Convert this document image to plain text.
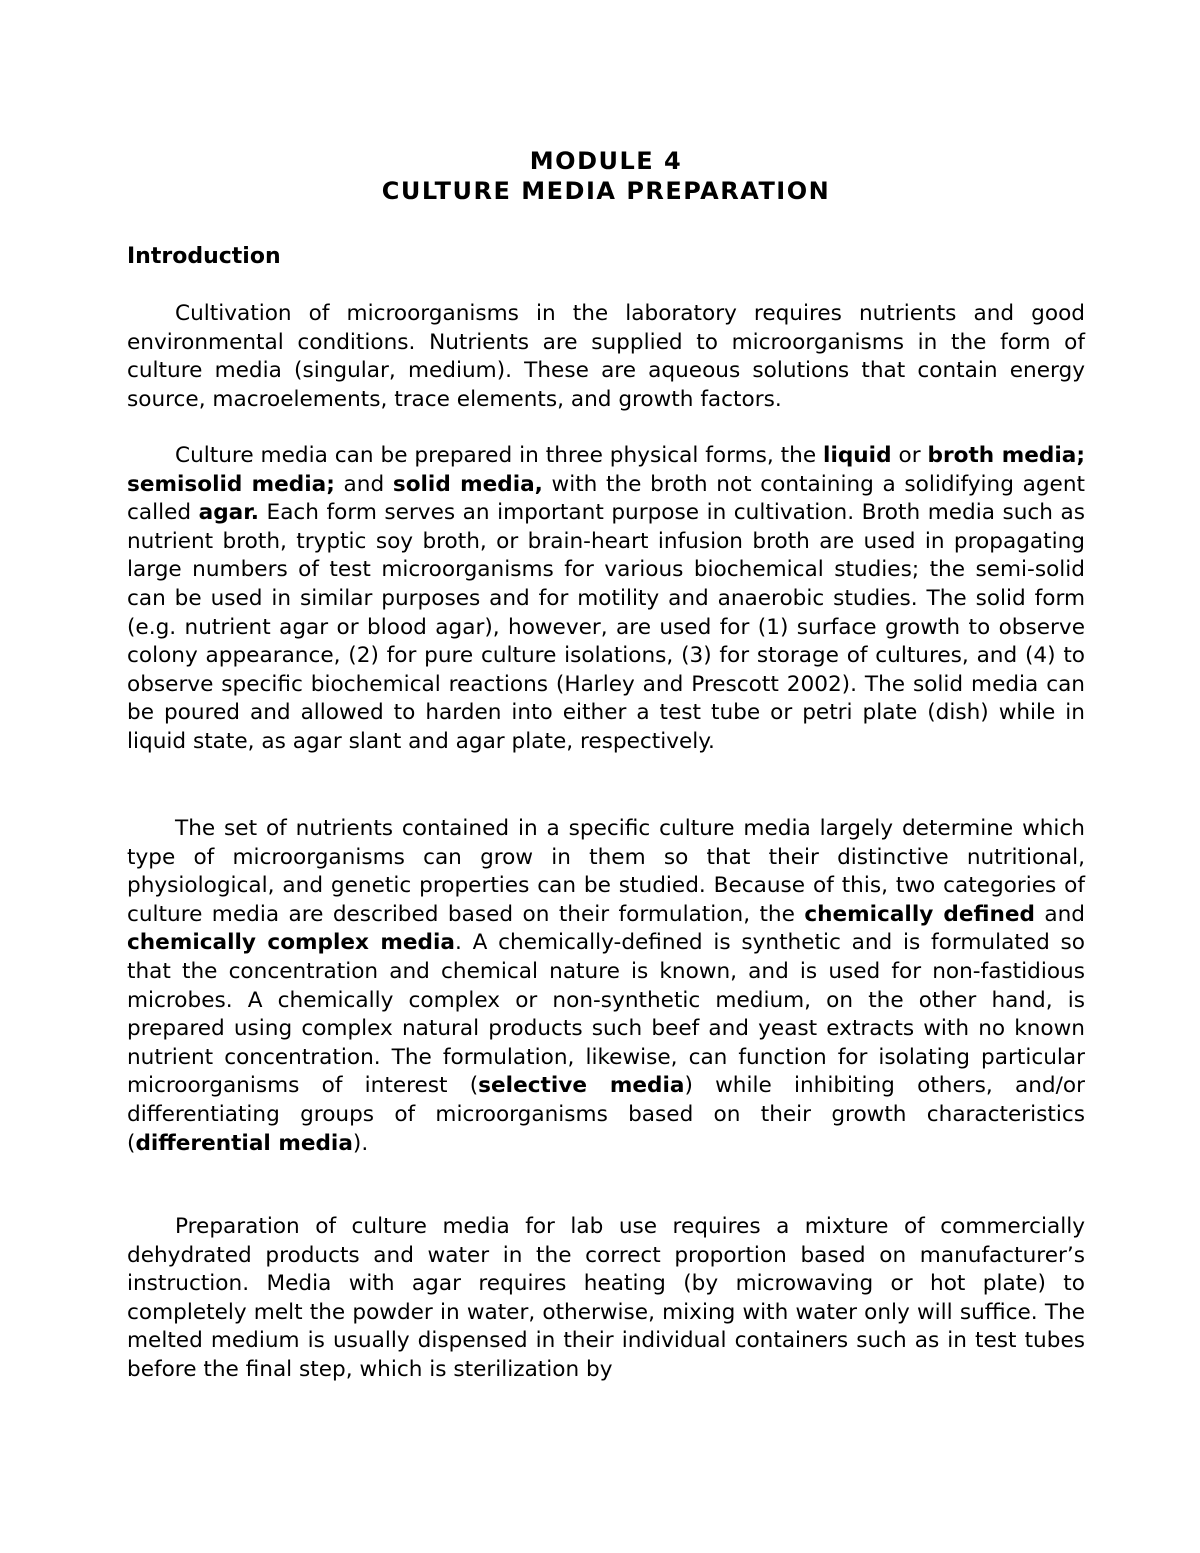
MODULE 4
CULTURE MEDIA PREPARATION
Introduction

Cultivation of microorganisms in the laboratory requires nutrients and good environmental conditions. Nutrients are supplied to microorganisms in the form of culture media (singular, medium). These are aqueous solutions that contain energy source, macroelements, trace elements, and growth factors.

Culture media can be prepared in three physical forms, the liquid or broth media; semisolid media; and solid media, with the broth not containing a solidifying agent called agar. Each form serves an important purpose in cultivation. Broth media such as nutrient broth, tryptic soy broth, or brain-heart infusion broth are used in propagating large numbers of test microorganisms for various biochemical studies; the semi-solid can be used in similar purposes and for motility and anaerobic studies. The solid form (e.g. nutrient agar or blood agar), however, are used for (1) surface growth to observe colony appearance, (2) for pure culture isolations, (3) for storage of cultures, and (4) to observe specific biochemical reactions (Harley and Prescott 2002). The solid media can be poured and allowed to harden into either a test tube or petri plate (dish) while in liquid state, as agar slant and agar plate, respectively.

The set of nutrients contained in a specific culture media largely determine which type of microorganisms can grow in them so that their distinctive nutritional, physiological, and genetic properties can be studied. Because of this, two categories of culture media are described based on their formulation, the chemically defined and chemically complex media. A chemically-defined is synthetic and is formulated so that the concentration and chemical nature is known, and is used for non-fastidious microbes. A chemically complex or non-synthetic medium, on the other hand, is prepared using complex natural products such beef and yeast extracts with no known nutrient concentration. The formulation, likewise, can function for isolating particular microorganisms of interest (selective media) while inhibiting others, and/or differentiating groups of microorganisms based on their growth characteristics (differential media).

Preparation of culture media for lab use requires a mixture of commercially dehydrated products and water in the correct proportion based on manufacturer’s instruction. Media with agar requires heating (by microwaving or hot plate) to completely melt the powder in water, otherwise, mixing with water only will suffice. The melted medium is usually dispensed in their individual containers such as in test tubes before the final step, which is sterilization by
